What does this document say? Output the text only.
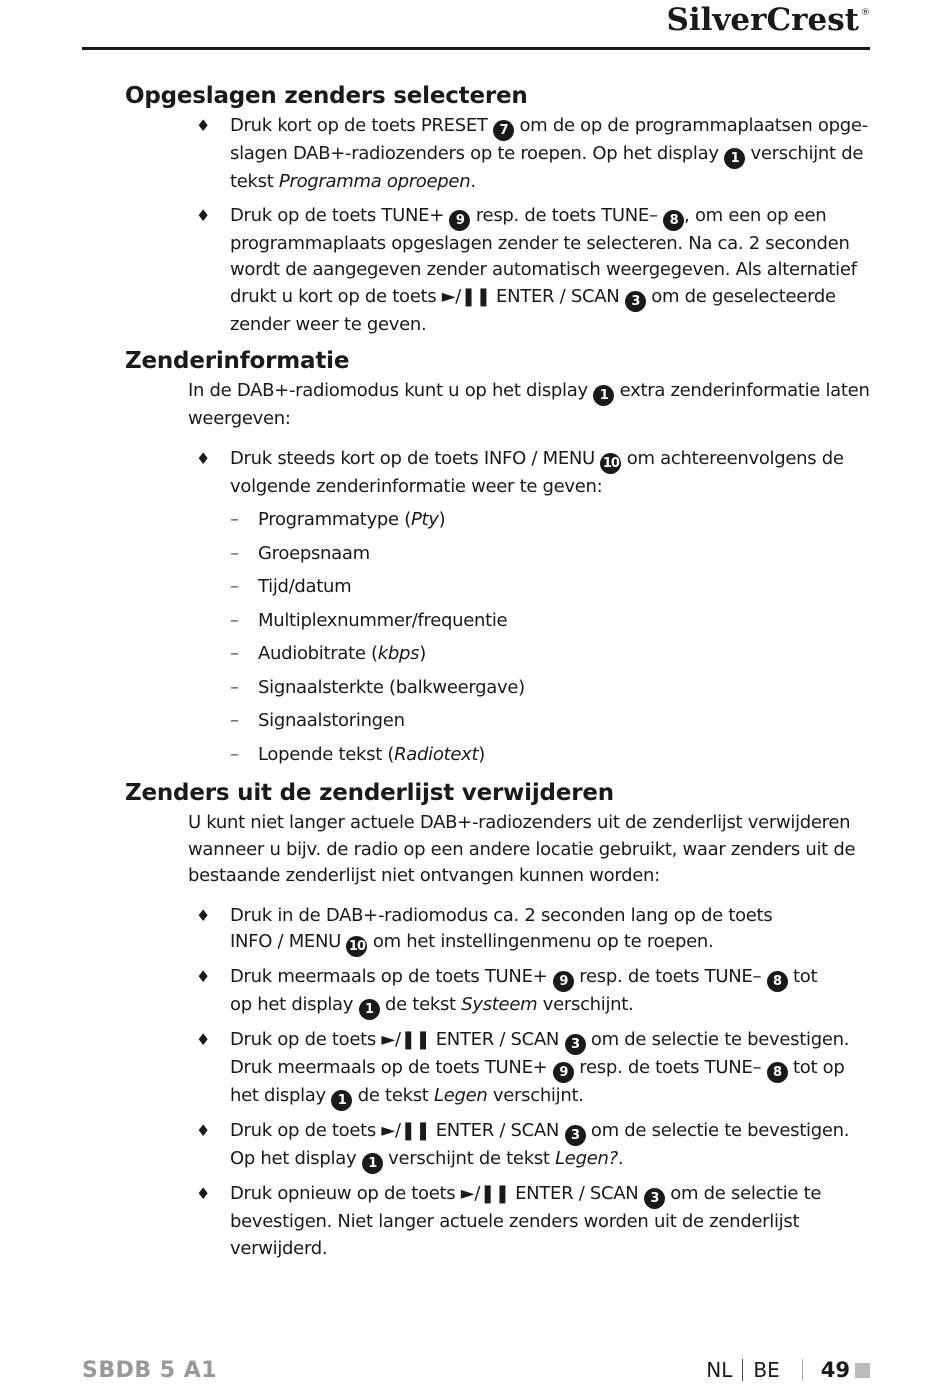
SilverCrest ®
Opgeslagen zenders selecteren
♦ Druk kort op de toets PRESET 7 om de op de programmaplaatsen opge-
slagen DAB+-radiozenders op te roepen. Op het display 1 verschijnt de
tekst Programma oproepen.
♦ Druk op de toets TUNE+ 9 resp. de toets TUNE– 8 , om een op een
programmaplaats opgeslagen zender te selecteren. Na ca. 2 seconden
wordt de aangegeven zender automatisch weergegeven. Als alternatief
drukt u kort op de toets ►/❚❚ ENTER / SCAN 3 om de geselecteerde
zender weer te geven.
Zenderinformatie

In de DAB+-radiomodus kunt u op het display 1 extra zenderinformatie laten
weergeven:

♦ Druk steeds kort op de toets INFO / MENU 10 om achtereenvolgens de
volgende zenderinformatie weer te geven:
– Programmatype (Pty)
– Groepsnaam
– Tijd/datum
– Multiplexnummer/frequentie
– Audiobitrate (kbps)
– Signaalsterkte (balkweergave)
– Signaalstoringen
– Lopende tekst (Radiotext)
Zenders uit de zenderlijst verwijderen

U kunt niet langer actuele DAB+-radiozenders uit de zenderlijst verwijderen
wanneer u bijv. de radio op een andere locatie gebruikt, waar zenders uit de
bestaande zenderlijst niet ontvangen kunnen worden:

♦ Druk in de DAB+-radiomodus ca. 2 seconden lang op de toets
INFO / MENU 10 om het instellingenmenu op te roepen.
♦ Druk meermaals op de toets TUNE+ 9 resp. de toets TUNE– 8 tot
op het display 1 de tekst Systeem verschijnt.
♦ Druk op de toets ►/❚❚ ENTER / SCAN 3 om de selectie te bevestigen.
Druk meermaals op de toets TUNE+ 9 resp. de toets TUNE– 8 tot op
het display 1 de tekst Legen verschijnt.
♦ Druk op de toets ►/❚❚ ENTER / SCAN 3 om de selectie te bevestigen.
Op het display 1 verschijnt de tekst Legen?.
♦ Druk opnieuw op de toets ►/❚❚ ENTER / SCAN 3 om de selectie te
bevestigen. Niet langer actuele zenders worden uit de zenderlijst verwijderd.
SBDB 5 A1	NL BE 49
